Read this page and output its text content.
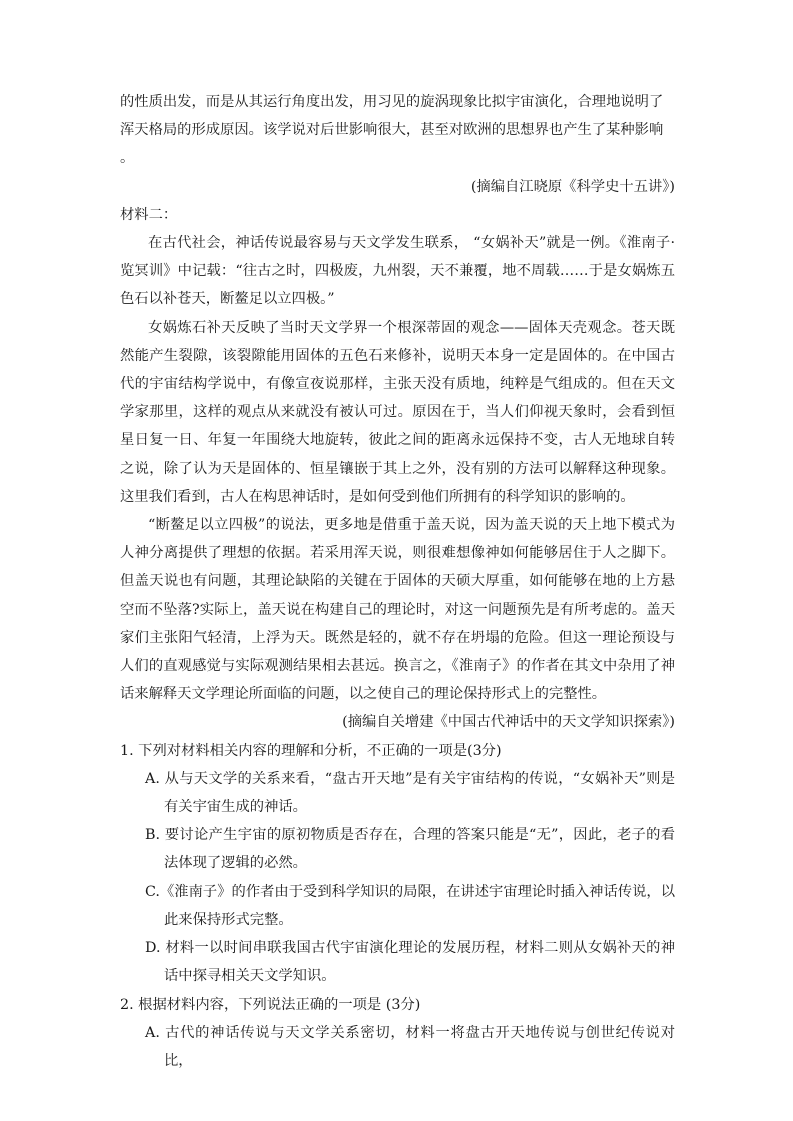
的性质出发，而是从其运行角度出发，用习见的旋涡现象比拟宇宙演化，合理地说明了

浑天格局的形成原因。该学说对后世影响很大，甚至对欧洲的思想界也产生了某种影响

。

(摘编自江晓原《科学史十五讲》)

材料二：

在古代社会，神话传说最容易与天文学发生联系， “女娲补天”就是一例。《淮南子·览冥训》中记载：“往古之时，四极废，九州裂，天不兼覆，地不周载……于是女娲炼五色石以补苍天，断鳌足以立四极。”

女娲炼石补天反映了当时天文学界一个根深蒂固的观念——固体天壳观念。苍天既然能产生裂隙，该裂隙能用固体的五色石来修补，说明天本身一定是固体的。在中国古代的宇宙结构学说中，有像宣夜说那样，主张天没有质地，纯粹是气组成的。但在天文学家那里，这样的观点从来就没有被认可过。原因在于，当人们仰视天象时，会看到恒星日复一日、年复一年围绕大地旋转，彼此之间的距离永远保持不变，古人无地球自转之说，除了认为天是固体的、恒星镶嵌于其上之外，没有别的方法可以解释这种现象。这里我们看到，古人在构思神话时，是如何受到他们所拥有的科学知识的影响的。

“断鳌足以立四极”的说法，更多地是借重于盖天说，因为盖天说的天上地下模式为人神分离提供了理想的依据。若采用浑天说，则很难想像神如何能够居住于人之脚下。但盖天说也有问题，其理论缺陷的关键在于固体的天硕大厚重，如何能够在地的上方悬空而不坠落?实际上，盖天说在构建自己的理论时，对这一问题预先是有所考虑的。盖天家们主张阳气轻清，上浮为天。既然是轻的，就不存在坍塌的危险。但这一理论预设与人们的直观感觉与实际观测结果相去甚远。换言之，《淮南子》的作者在其文中杂用了神话来解释天文学理论所面临的问题，以之使自己的理论保持形式上的完整性。

(摘编自关增建《中国古代神话中的天文学知识探索》)

1. 下列对材料相关内容的理解和分析，不正确的一项是(3分)

A. 从与天文学的关系来看，“盘古开天地”是有关宇宙结构的传说，“女娲补天”则是有关宇宙生成的神话。

B. 要讨论产生宇宙的原初物质是否存在，合理的答案只能是“无”，因此，老子的看法体现了逻辑的必然。

C.《淮南子》的作者由于受到科学知识的局限，在讲述宇宙理论时插入神话传说，以此来保持形式完整。

D. 材料一以时间串联我国古代宇宙演化理论的发展历程，材料二则从女娲补天的神话中探寻相关天文学知识。

2. 根据材料内容，下列说法正确的一项是 (3分)

A. 古代的神话传说与天文学关系密切，材料一将盘古开天地传说与创世纪传说对比，
